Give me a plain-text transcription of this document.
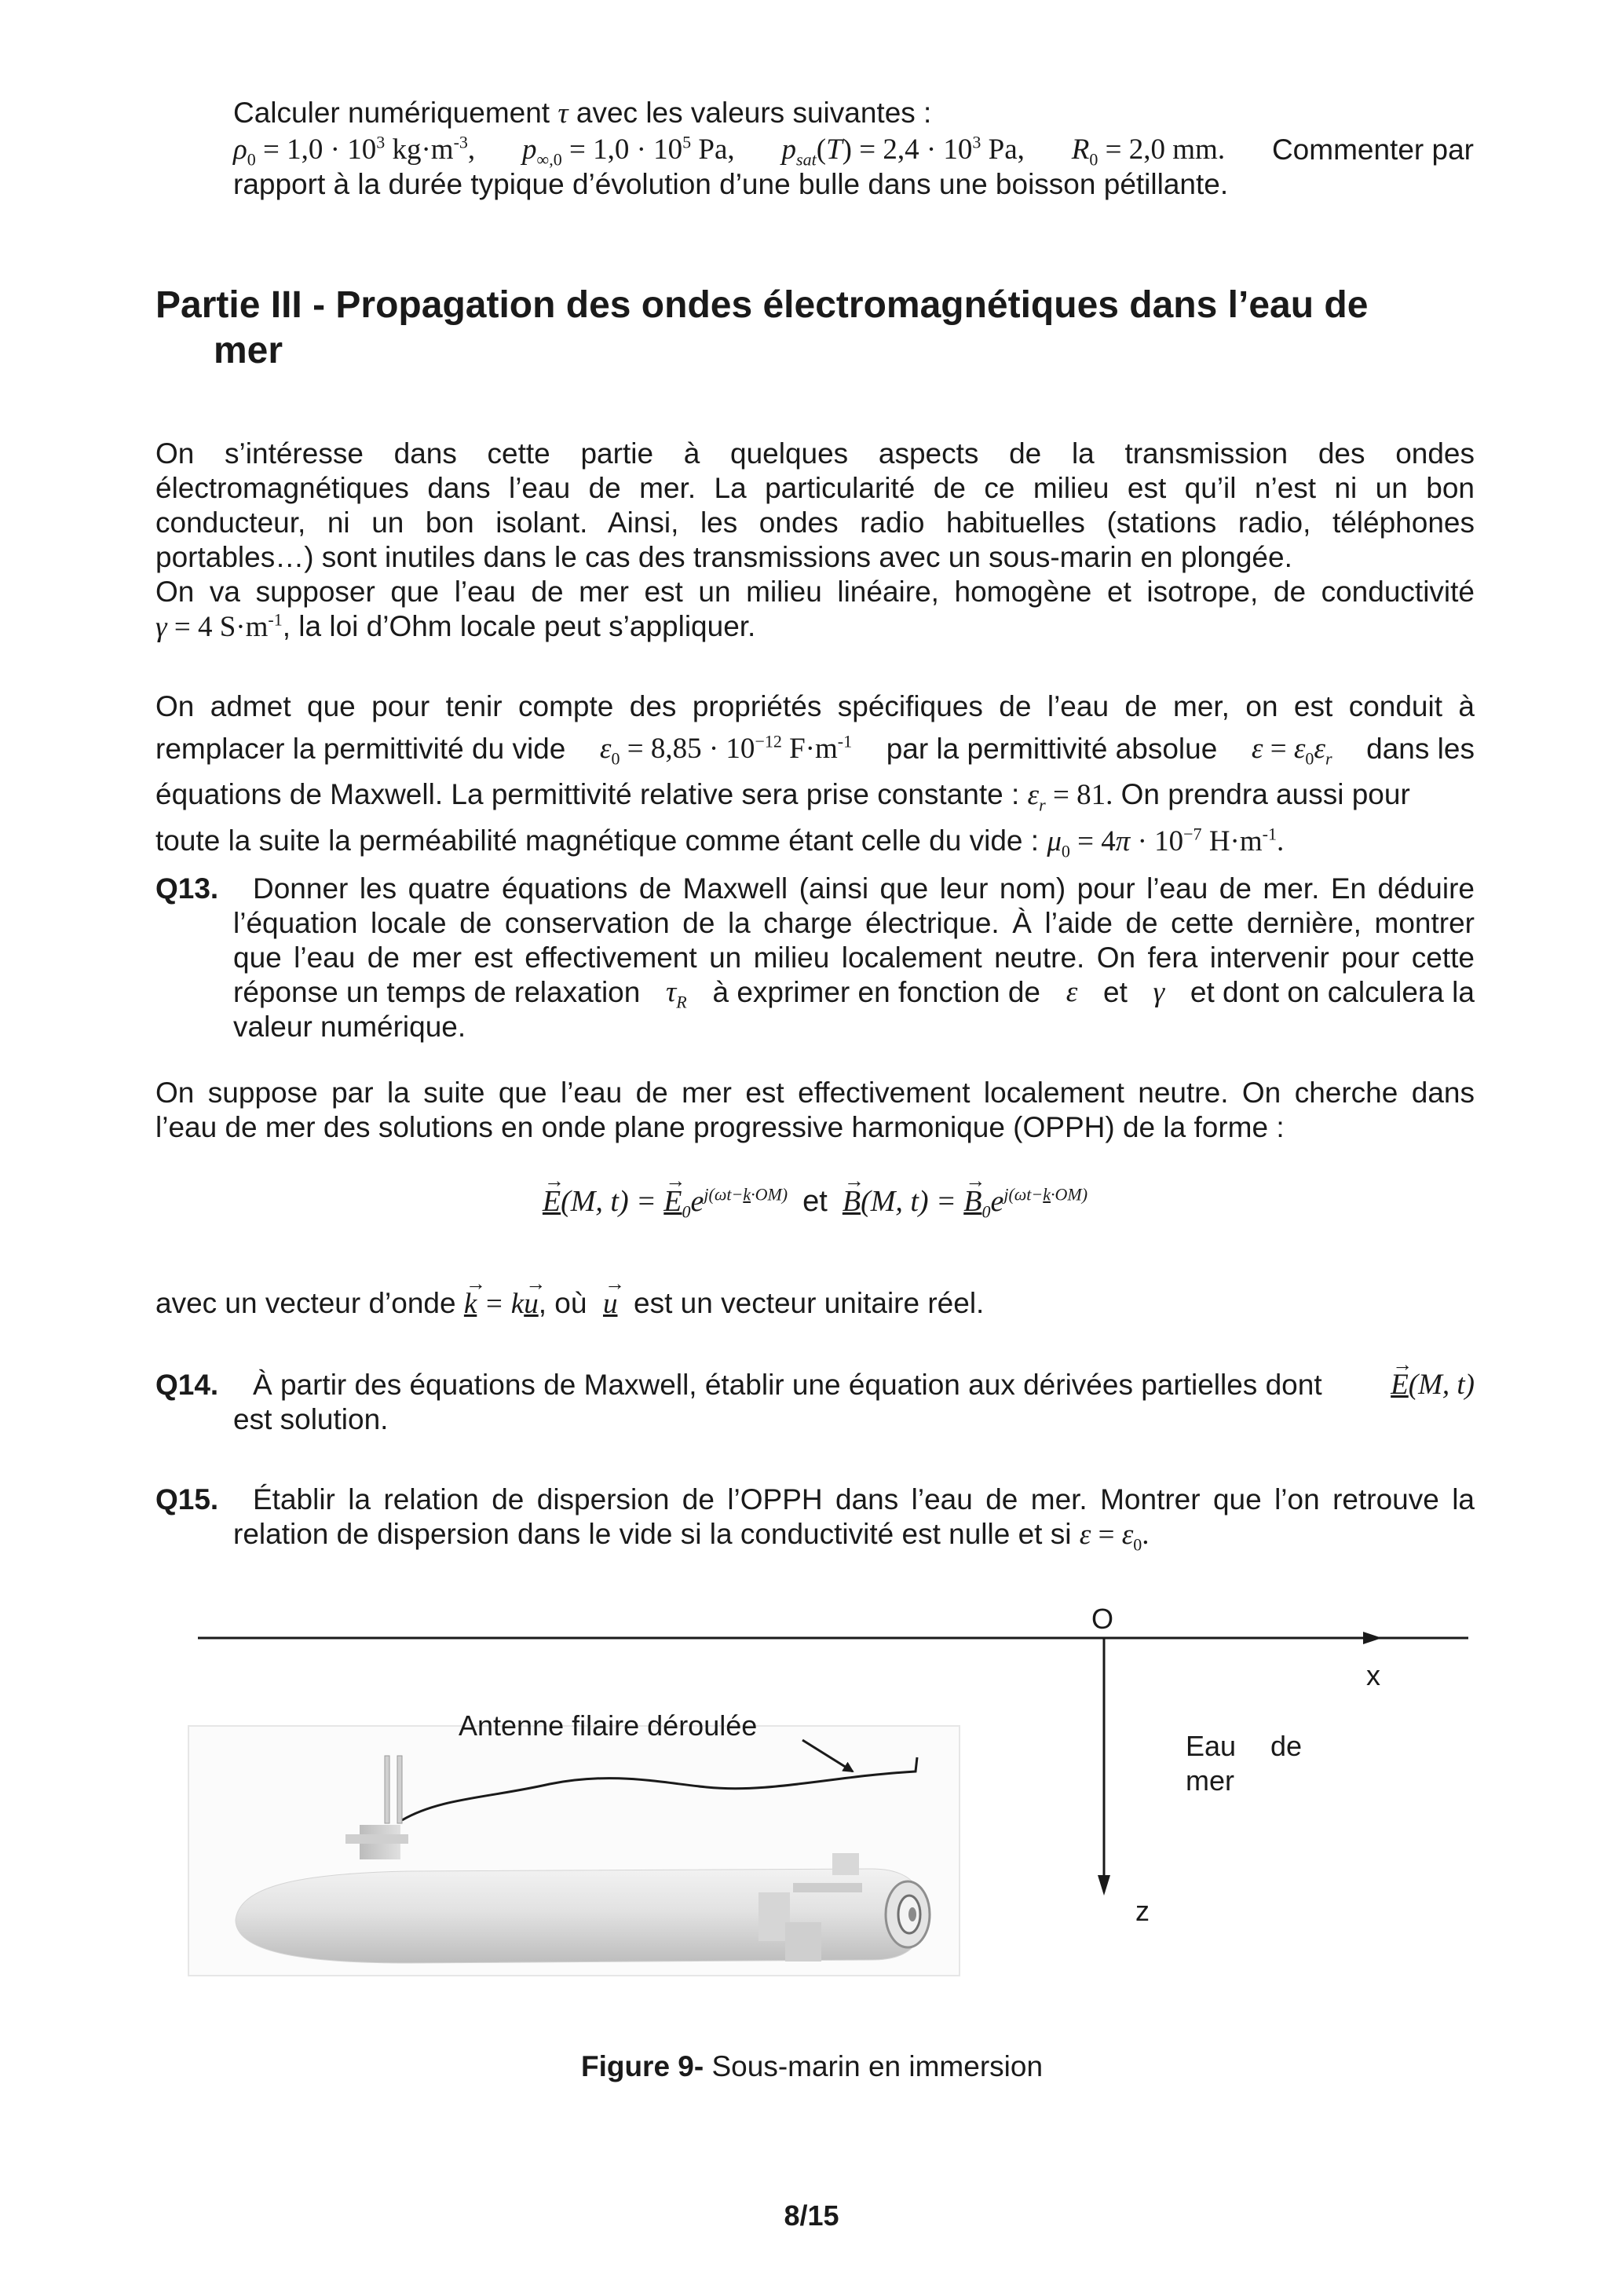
Calculer numériquement τ avec les valeurs suivantes :
$\rho_0 = 1,0 \cdot 10^3$ $kg\cdot m^{-3}$, $p_{\infty,0} = 1,0 \cdot 10^5$ Pa, $p_{sat}(T) = 2,4 \cdot 10^3$ Pa, $R_0 = 2,0$ mm. Commenter par
rapport à la durée typique d’évolution d’une bulle dans une boisson pétillante.
Partie III - Propagation des ondes électromagnétiques dans l’eau de
mer
On s’intéresse dans cette partie à quelques aspects de la transmission des ondes
électromagnétiques dans l’eau de mer. La particularité de ce milieu est qu’il n’est ni un bon
conducteur, ni un bon isolant. Ainsi, les ondes radio habituelles (stations radio, téléphones
portables…) sont inutiles dans le cas des transmissions avec un sous-marin en plongée.
On va supposer que l’eau de mer est un milieu linéaire, homogène et isotrope, de conductivité
γ = 4 $S\cdot m^{-1}$, la loi d’Ohm locale peut s’appliquer.
On admet que pour tenir compte des propriétés spécifiques de l’eau de mer, on est conduit à
remplacer la permittivité du vide $\varepsilon_0 = 8,85 \cdot 10^{-12}$ $F\cdot m^{-1}$ par la permittivité absolue $\varepsilon = \varepsilon_0\varepsilon_r$ dans les
équations de Maxwell. La permittivité relative sera prise constante : $\varepsilon_r = 81$. On prendra aussi pour
toute la suite la perméabilité magnétique comme étant celle du vide : $\mu_0 = 4\pi \cdot 10^{-7}$ $H\cdot m^{-1}$.
Q13. Donner les quatre équations de Maxwell (ainsi que leur nom) pour l’eau de mer. En déduire
l’équation locale de conservation de la charge électrique. À l’aide de cette dernière, montrer
que l’eau de mer est effectivement un milieu localement neutre. On fera intervenir pour cette
réponse un temps de relaxation $\tau_R$ à exprimer en fonction de ε et γ et dont on calculera la
valeur numérique.
On suppose par la suite que l’eau de mer est effectivement localement neutre. On cherche dans
l’eau de mer des solutions en onde plane progressive harmonique (OPPH) de la forme :
→ E(M, t) = → $E_0e^{j(\omega t-k\cdot OM)}$ et → B(M, t) = → $B_0e^{j(\omega t-k\cdot OM)}$
avec un vecteur d’onde → k = k→ u, où → u est un vecteur unitaire réel.
Q14. À partir des équations de Maxwell, établir une équation aux dérivées partielles dont → E(M, t)
est solution.
Q15. Établir la relation de dispersion de l’OPPH dans l’eau de mer. Montrer que l’on retrouve la
relation de dispersion dans le vide si la conductivité est nulle et si $\varepsilon = \varepsilon_0$.
O
x
z
Eau de
mer
Antenne filaire déroulée
Figure 9- Sous-marin en immersion
8/15
